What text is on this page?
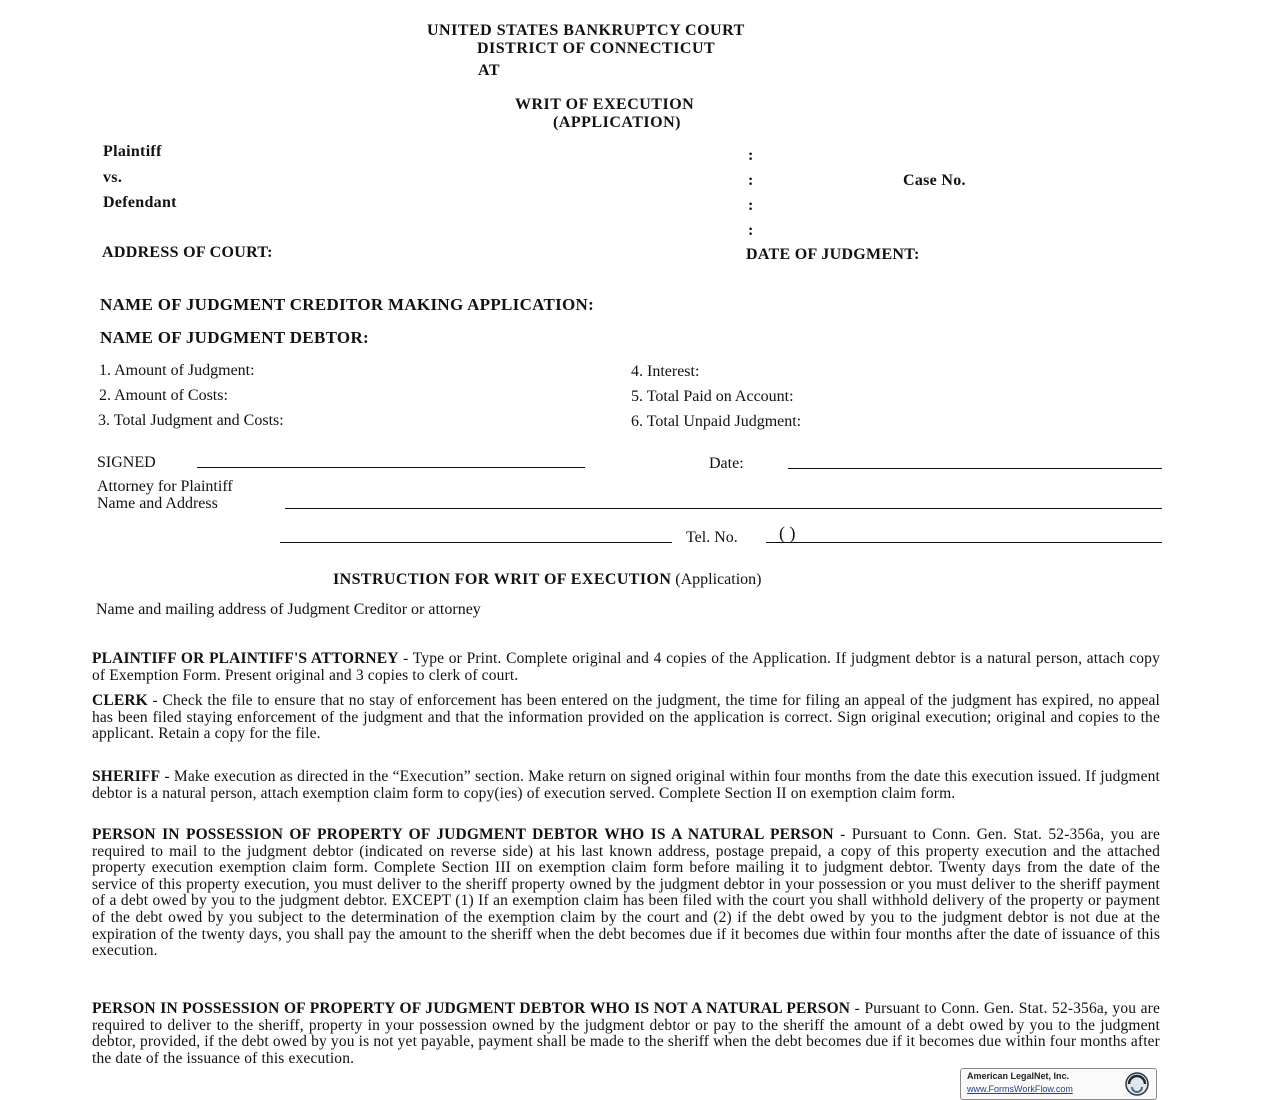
UNITED STATES BANKRUPTCY COURT
DISTRICT OF CONNECTICUT
AT
WRIT OF EXECUTION
(APPLICATION)
Plaintiff
vs.
Defendant
:
:
:
:
Case No.
ADDRESS OF COURT:	DATE OF JUDGMENT:
NAME OF JUDGMENT CREDITOR MAKING APPLICATION:
NAME OF JUDGMENT DEBTOR:
1. Amount of Judgment:
2. Amount of Costs:
3. Total Judgment and Costs:
4. Interest:
5. Total Paid on Account:
6. Total Unpaid Judgment:
SIGNED	Date:
Attorney for Plaintiff
Name and Address
Tel. No. ( )
INSTRUCTION FOR WRIT OF EXECUTION (Application)
Name and mailing address of Judgment Creditor or attorney
PLAINTIFF OR PLAINTIFF'S ATTORNEY - Type or Print. Complete original and 4 copies of the Application. If judgment debtor is a natural person, attach copy of Exemption Form. Present original and 3 copies to clerk of court.
CLERK - Check the file to ensure that no stay of enforcement has been entered on the judgment, the time for filing an appeal of the judgment has expired, no appeal has been filed staying enforcement of the judgment and that the information provided on the application is correct. Sign original execution; original and copies to the applicant. Retain a copy for the file.
SHERIFF - Make execution as directed in the “Execution” section. Make return on signed original within four months from the date this execution issued. If judgment debtor is a natural person, attach exemption claim form to copy(ies) of execution served. Complete Section II on exemption claim form.
PERSON IN POSSESSION OF PROPERTY OF JUDGMENT DEBTOR WHO IS A NATURAL PERSON - Pursuant to Conn. Gen. Stat. 52-356a, you are required to mail to the judgment debtor (indicated on reverse side) at his last known address, postage prepaid, a copy of this property execution and the attached property execution exemption claim form. Complete Section III on exemption claim form before mailing it to judgment debtor. Twenty days from the date of the service of this property execution, you must deliver to the sheriff property owned by the judgment debtor in your possession or you must deliver to the sheriff payment of a debt owed by you to the judgment debtor. EXCEPT (1) If an exemption claim has been filed with the court you shall withhold delivery of the property or payment of the debt owed by you subject to the determination of the exemption claim by the court and (2) if the debt owed by you to the judgment debtor is not due at the expiration of the twenty days, you shall pay the amount to the sheriff when the debt becomes due if it becomes due within four months after the date of issuance of this execution.
PERSON IN POSSESSION OF PROPERTY OF JUDGMENT DEBTOR WHO IS NOT A NATURAL PERSON - Pursuant to Conn. Gen. Stat. 52-356a, you are required to deliver to the sheriff, property in your possession owned by the judgment debtor or pay to the sheriff the amount of a debt owed by you to the judgment debtor, provided, if the debt owed by you is not yet payable, payment shall be made to the sheriff when the debt becomes due if it becomes due within four months after the date of the issuance of this execution.
American LegalNet, Inc.
www.FormsWorkFlow.com
